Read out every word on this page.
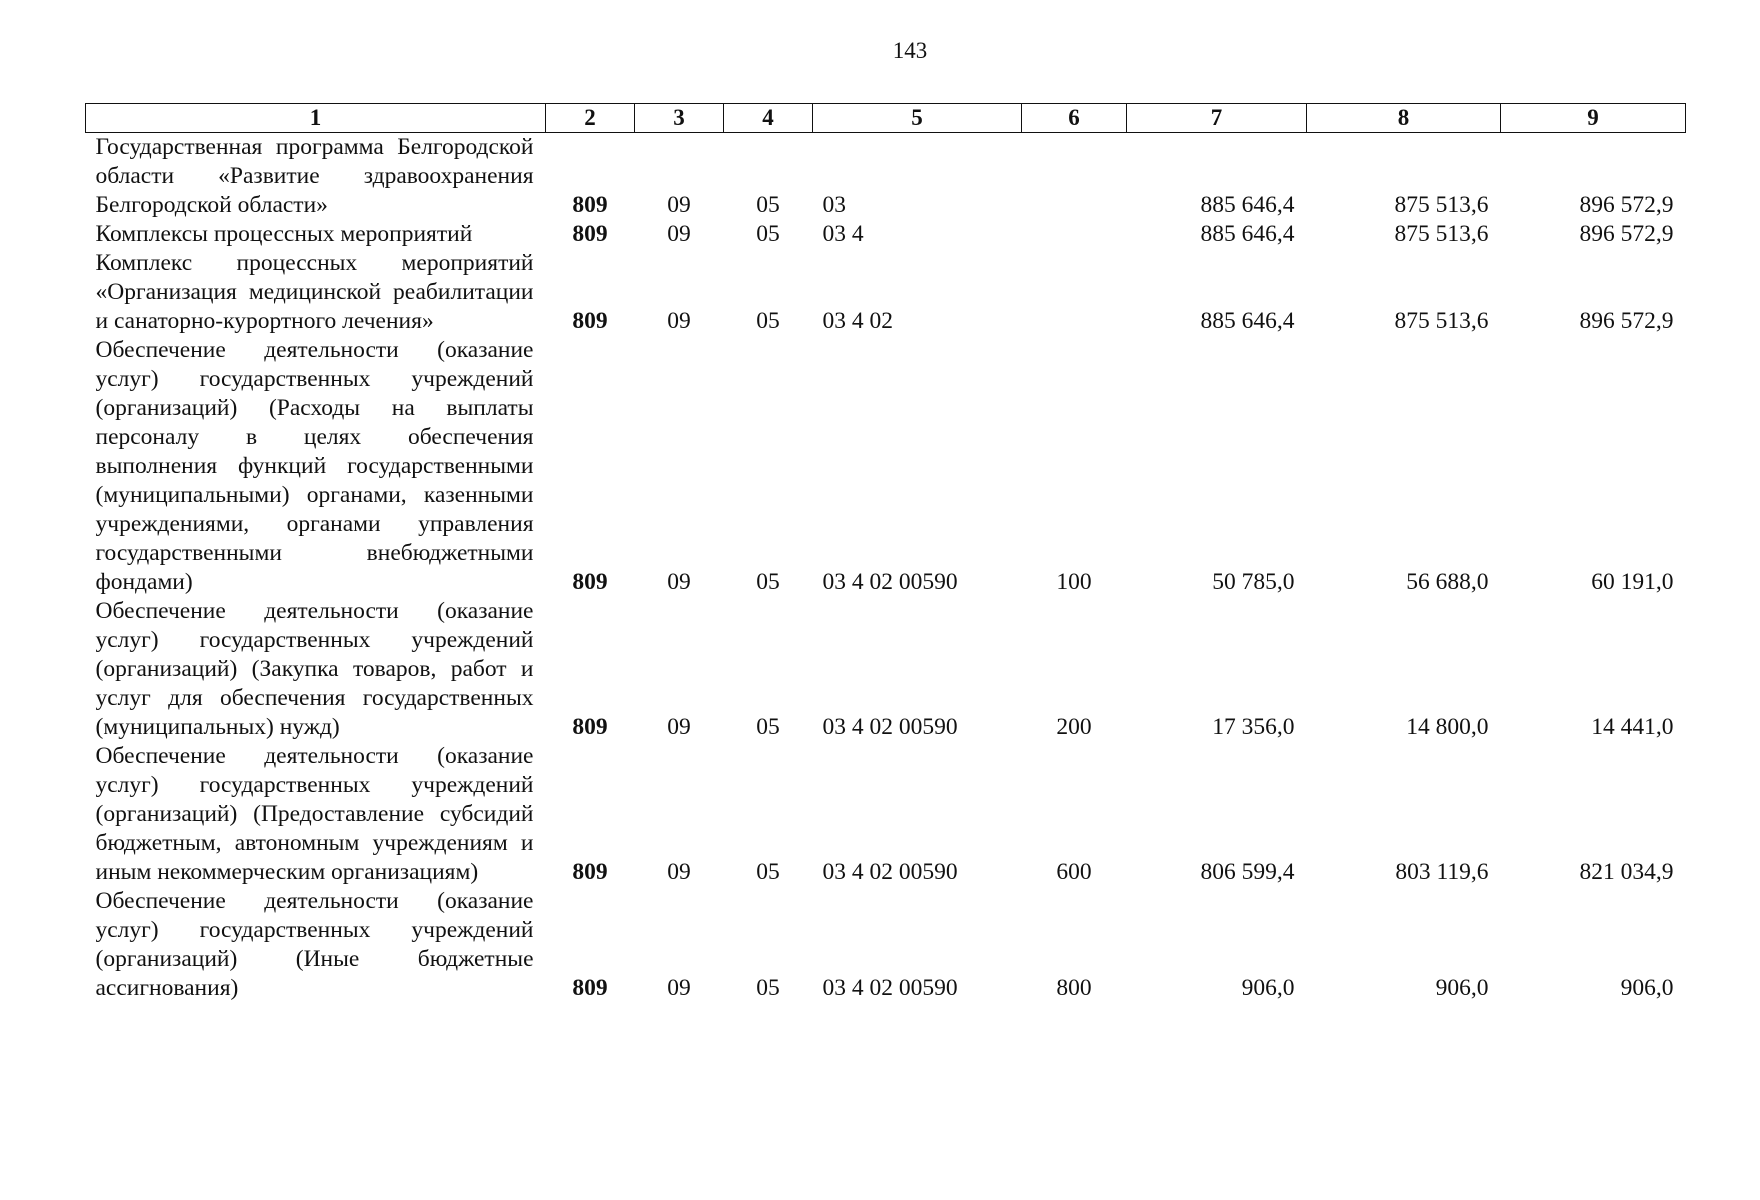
143
1	2	3	4	5	6	7	8	9
Государственная программа Белгородской области «Развитие здравоохранения Белгородской области»	809	09	05	03		885 646,4	875 513,6	896 572,9
Комплексы процессных мероприятий	809	09	05	03 4		885 646,4	875 513,6	896 572,9
Комплекс процессных мероприятий «Организация медицинской реабилитации и санаторно-курортного лечения»	809	09	05	03 4 02		885 646,4	875 513,6	896 572,9
Обеспечение деятельности (оказание услуг) государственных учреждений (организаций) (Расходы на выплаты персоналу в целях обеспечения выполнения функций государственными (муниципальными) органами, казенными учреждениями, органами управления государственными внебюджетными фондами)	809	09	05	03 4 02 00590	100	50 785,0	56 688,0	60 191,0
Обеспечение деятельности (оказание услуг) государственных учреждений (организаций) (Закупка товаров, работ и услуг для обеспечения государственных (муниципальных) нужд)	809	09	05	03 4 02 00590	200	17 356,0	14 800,0	14 441,0
Обеспечение деятельности (оказание услуг) государственных учреждений (организаций) (Предоставление субсидий бюджетным, автономным учреждениям и иным некоммерческим организациям)	809	09	05	03 4 02 00590	600	806 599,4	803 119,6	821 034,9
Обеспечение деятельности (оказание услуг) государственных учреждений (организаций) (Иные бюджетные ассигнования)	809	09	05	03 4 02 00590	800	906,0	906,0	906,0
